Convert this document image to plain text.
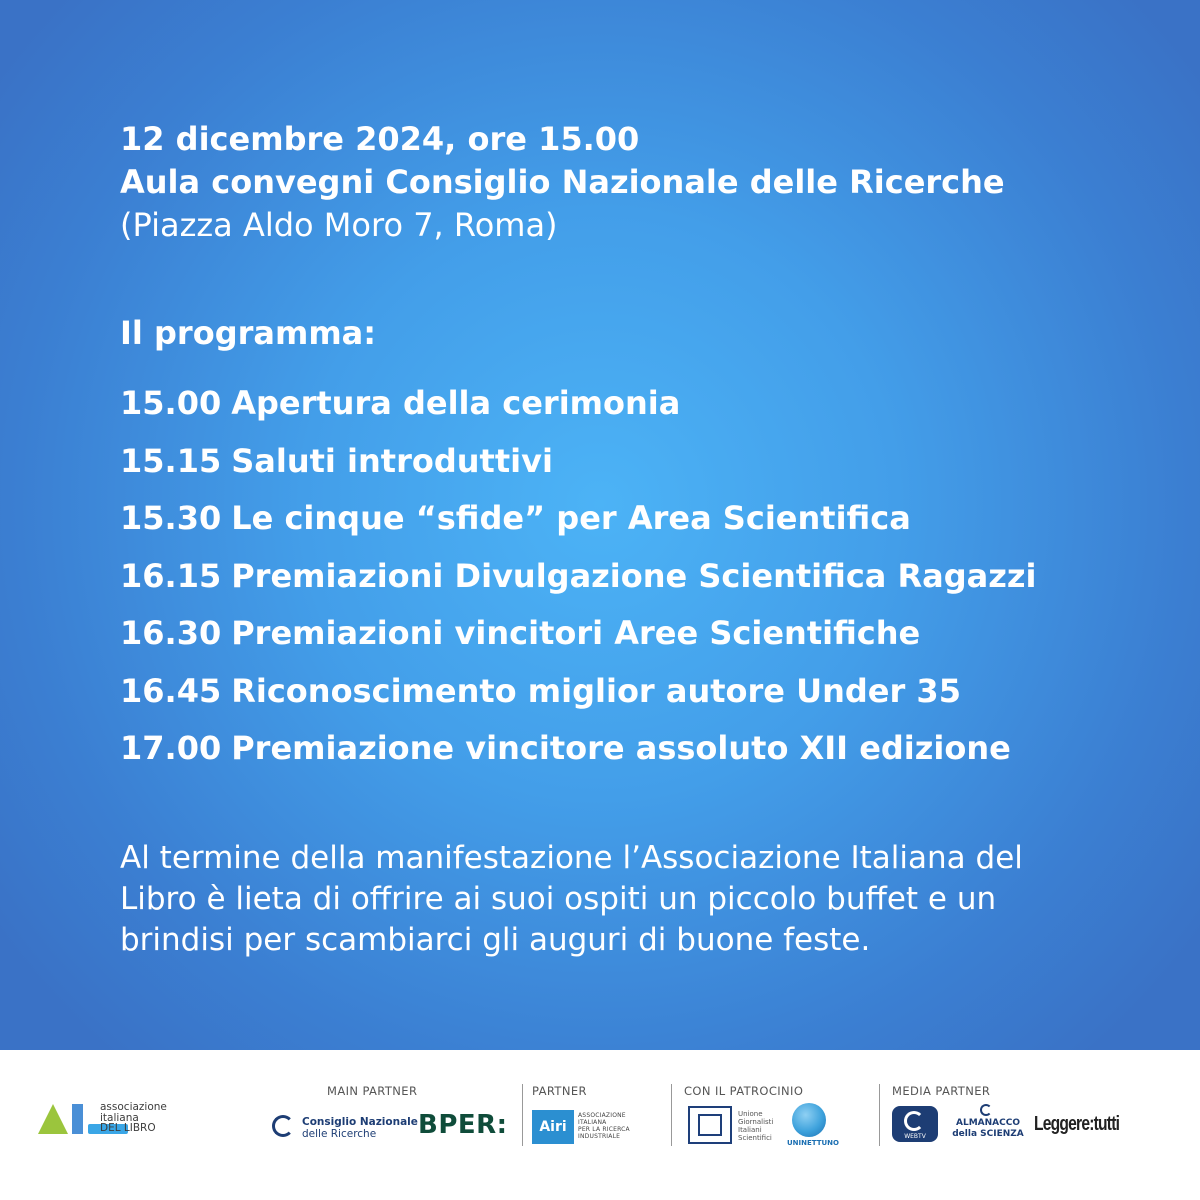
12 dicembre 2024, ore 15.00
Aula convegni Consiglio Nazionale delle Ricerche
(Piazza Aldo Moro 7, Roma)
Il programma:
15.00 Apertura della cerimonia
15.15 Saluti introduttivi
15.30 Le cinque “sfide” per Area Scientifica
16.15 Premiazioni Divulgazione Scientifica Ragazzi
16.30 Premiazioni vincitori Aree Scientifiche
16.45 Riconoscimento miglior autore Under 35
17.00 Premiazione vincitore assoluto XII edizione
Al termine della manifestazione l’Associazione Italiana del Libro è lieta di offrire ai suoi ospiti un piccolo buffet e un brindisi per scambiarci gli auguri di buone feste.
associazione
italiana
DEL LIBRO
MAIN PARTNER	PARTNER	CON IL PATROCINIO	MEDIA PARTNER
Consiglio Nazionale
delle Ricerche	BPER:	Airi
ASSOCIAZIONE
ITALIANA
PER LA RICERCA
INDUSTRIALE
Unione
Giornalisti
Italiani
Scientifici
UNINETTUNO
WEBTV
ALMANACCO
della SCIENZA Leggere:tutti
